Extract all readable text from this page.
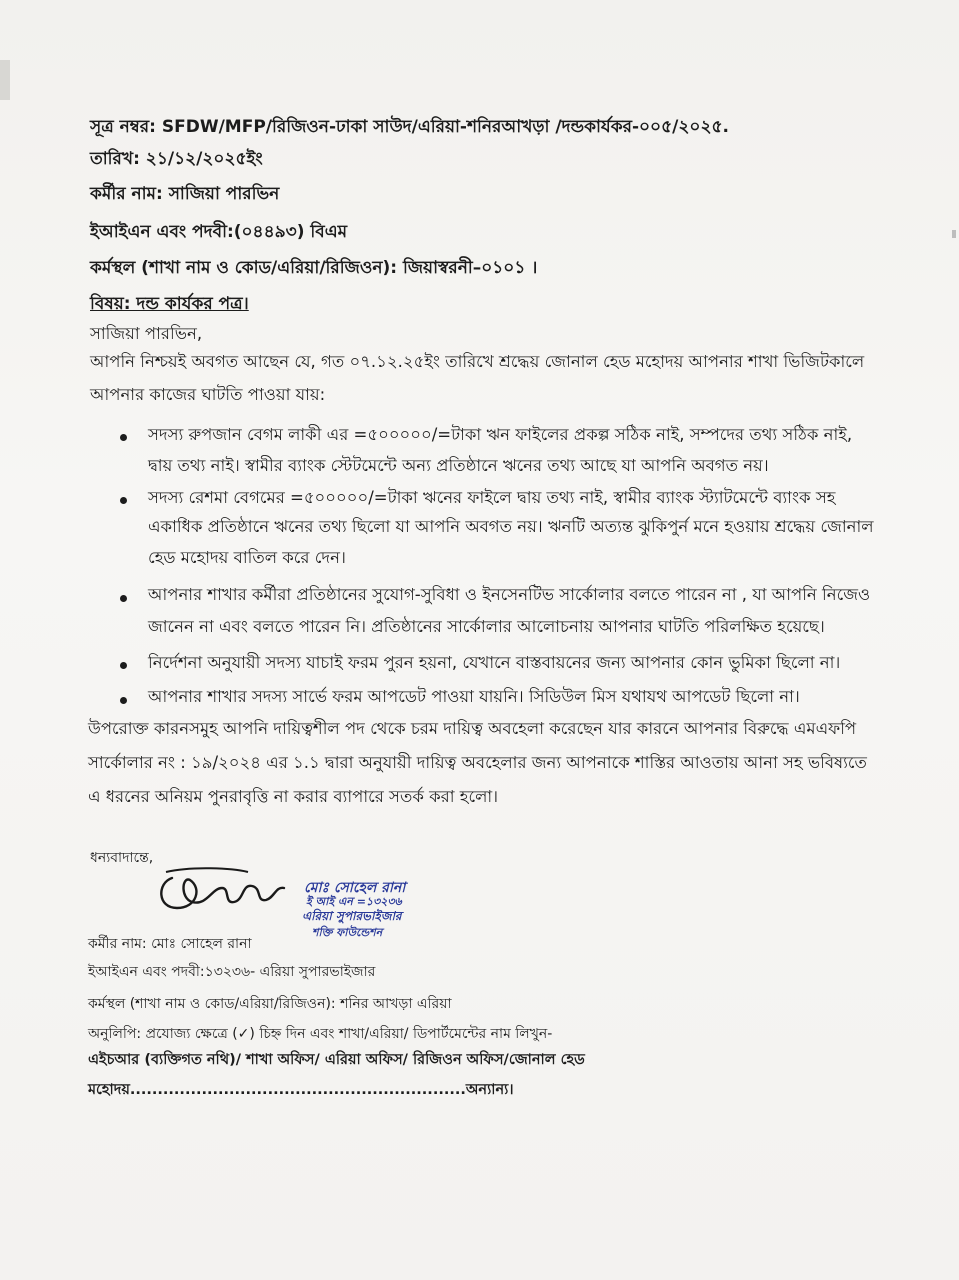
সূত্র নম্বর: SFDW/MFP/রিজিওন-ঢাকা সাউদ/এরিয়া-শনিরআখড়া /দন্ডকার্যকর-০০৫/২০২৫.
তারিখ: ২১/১২/২০২৫ইং
কর্মীর নাম: সাজিয়া পারভিন
ইআইএন এবং পদবী:(০৪৪৯৩) বিএম
কর্মস্থল (শাখা নাম ও কোড/এরিয়া/রিজিওন): জিয়াস্বরনী–০১০১ ।
বিষয়: দন্ড কার্যকর পত্র।
সাজিয়া পারভিন,
আপনি নিশ্চয়ই অবগত আছেন যে, গত ০৭.১২.২৫ইং তারিখে শ্রদ্ধেয় জোনাল হেড মহোদয় আপনার শাখা ভিজিটকালে
আপনার কাজের ঘাটতি পাওয়া যায়:
সদস্য রুপজান বেগম লাকী এর =৫০০০০০/=টাকা ঋন ফাইলের প্রকল্প সঠিক নাই, সম্পদের তথ্য সঠিক নাই,
দ্বায় তথ্য নাই। স্বামীর ব্যাংক স্টেটমেন্টে অন্য প্রতিষ্ঠানে ঋনের তথ্য আছে যা আপনি অবগত নয়।
সদস্য রেশমা বেগমের =৫০০০০০/=টাকা ঋনের ফাইলে দ্বায় তথ্য নাই, স্বামীর ব্যাংক স্ট্যাটমেন্টে ব্যাংক সহ
একাধিক প্রতিষ্ঠানে ঋনের তথ্য ছিলো যা আপনি অবগত নয়। ঋনটি অত্যন্ত ঝুকিপুর্ন মনে হওয়ায় শ্রদ্ধেয় জোনাল
হেড মহোদয় বাতিল করে দেন।
আপনার শাখার কর্মীরা প্রতিষ্ঠানের সুযোগ-সুবিধা ও ইনসেনটিভ সার্কোলার বলতে পারেন না , যা আপনি নিজেও
জানেন না এবং বলতে পারেন নি। প্রতিষ্ঠানের সার্কোলার আলোচনায় আপনার ঘাটতি পরিলক্ষিত হয়েছে।
নির্দেশনা অনুযায়ী সদস্য যাচাই ফরম পুরন হয়না, যেখানে বাস্তবায়নের জন্য আপনার কোন ভুমিকা ছিলো না।
আপনার শাখার সদস্য সার্ভে ফরম আপডেট পাওয়া যায়নি। সিডিউল মিস যথাযথ আপডেট ছিলো না।
উপরোক্ত কারনসমুহ আপনি দায়িত্বশীল পদ থেকে চরম দায়িত্ব অবহেলা করেছেন যার কারনে আপনার বিরুদ্ধে এমএফপি
সার্কোলার নং : ১৯/২০২৪ এর ১.১ দ্বারা অনুযায়ী দায়িত্ব অবহেলার জন্য আপনাকে শাস্তির আওতায় আনা সহ ভবিষ্যতে
এ ধরনের অনিয়ম পুনরাবৃত্তি না করার ব্যাপারে সতর্ক করা হলো।
ধন্যবাদান্তে,
মোঃ সোহেল রানা
ই আই এন =১৩২৩৬
এরিয়া সুপারভাইজার
শক্তি ফাউন্ডেশন
কর্মীর নাম: মোঃ সোহেল রানা
ইআইএন এবং পদবী:১৩২৩৬- এরিয়া সুপারভাইজার
কর্মস্থল (শাখা নাম ও কোড/এরিয়া/রিজিওন): শনির আখড়া এরিয়া
অনুলিপি: প্রযোজ্য ক্ষেত্রে (✓) চিহ্ন দিন এবং শাখা/এরিয়া/ ডিপার্টমেন্টের নাম লিখুন-
এইচআর (ব্যক্তিগত নথি)/ শাখা অফিস/ এরিয়া অফিস/ রিজিওন অফিস/জোনাল হেড
মহোদয়.............................................................অন্যান্য।
